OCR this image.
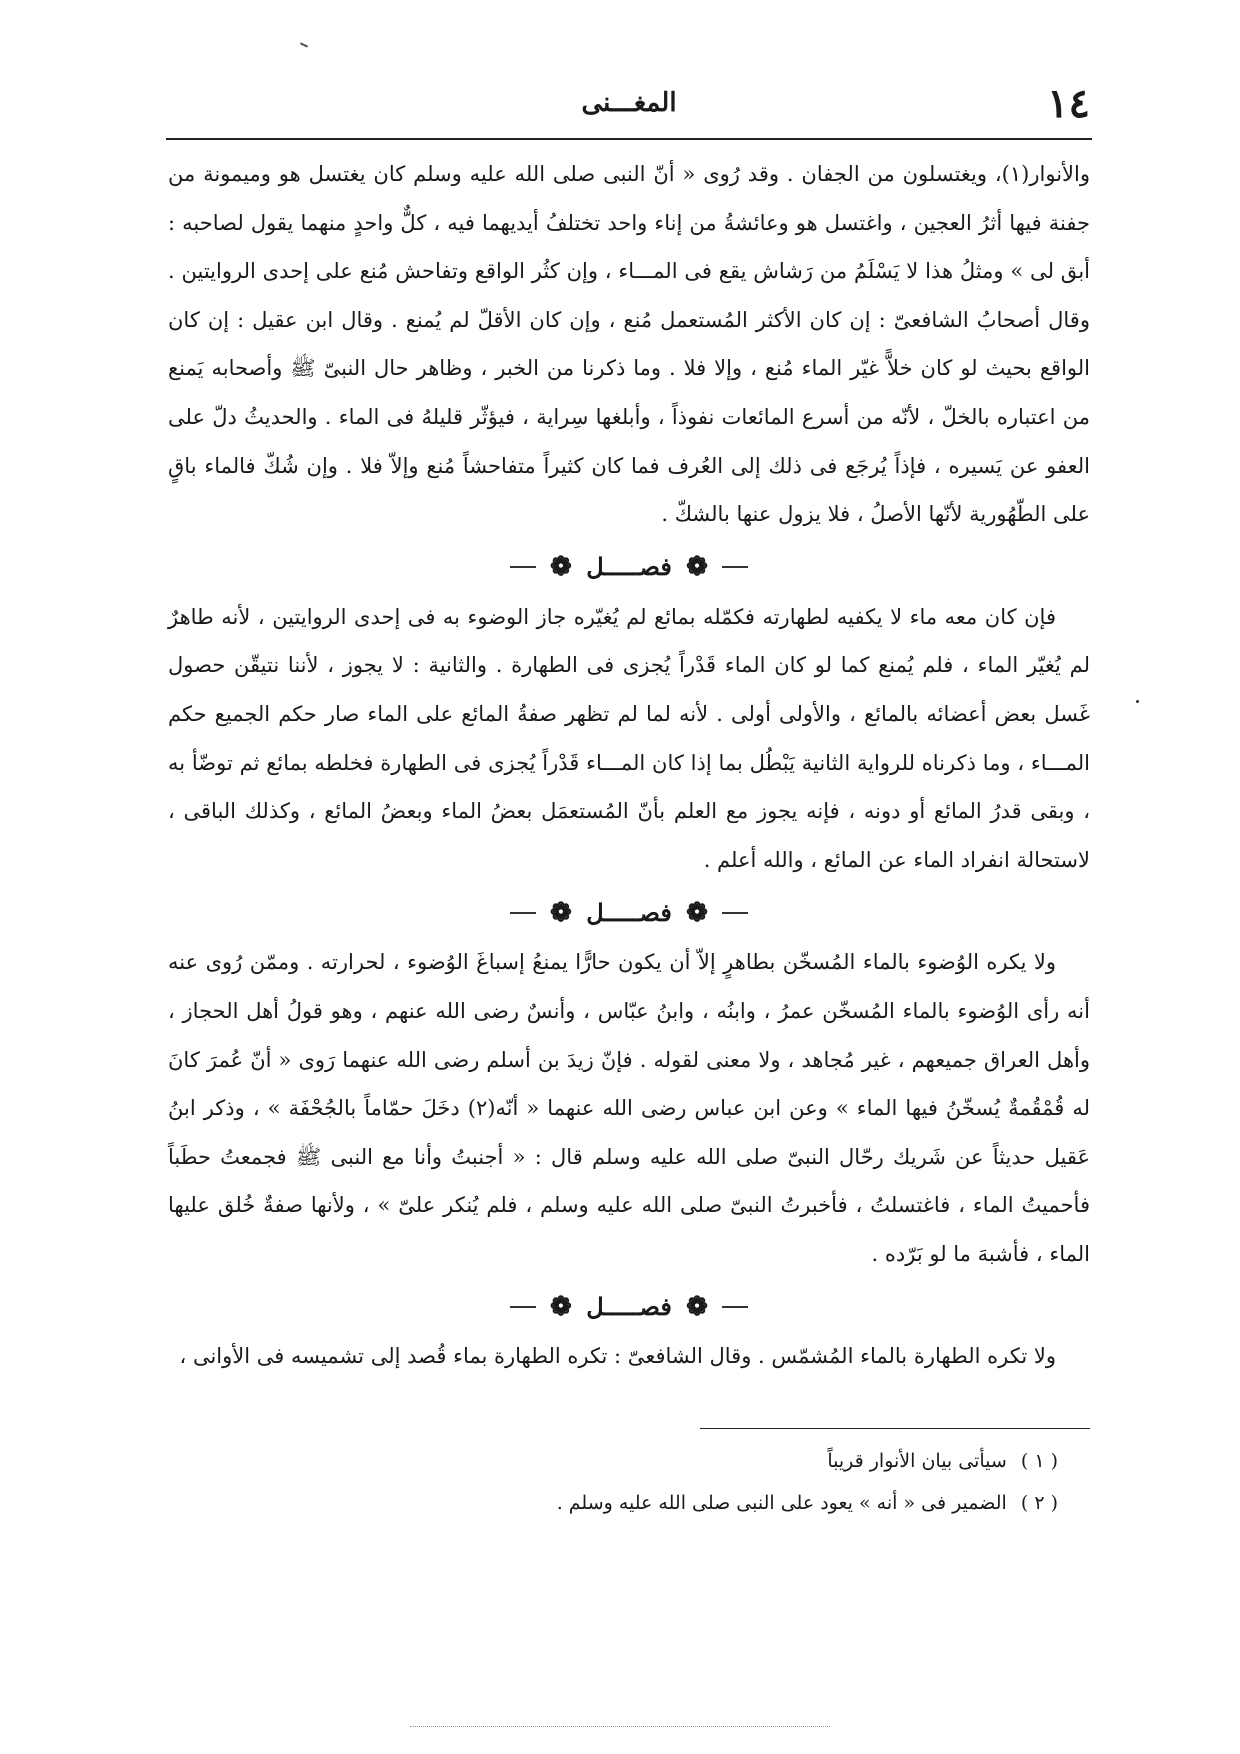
١٤
المغـــنى

والأنوار(١)، ويغتسلون من الجفان . وقد رُوى « أنّ النبى صلى الله عليه وسلم كان يغتسل هو وميمونة من جفنة فيها أثرُ العجين ، واغتسل هو وعائشةُ من إناء واحد تختلفُ أيديهما فيه ، كلٌّ واحدٍ منهما يقول لصاحبه : أبق لى » ومثلُ هذا لا يَسْلَمُ من رَشاش يقع فى المـــاء ، وإن كثُر الواقع وتفاحش مُنع على إحدى الروايتين . وقال أصحابُ الشافعىّ : إن كان الأكثر المُستعمل مُنع ، وإن كان الأقلّ لم يُمنع . وقال ابن عقيل : إن كان الواقع بحيث لو كان خلاًّ غيّر الماء مُنع ، وإلا فلا . وما ذكرنا من الخبر ، وظاهر حال النبىّ ﷺ وأصحابه يَمنع من اعتباره بالخلّ ، لأنّه من أسرع المائعات نفوذاً ، وأبلغها سِراية ، فيؤثّر قليلهُ فى الماء . والحديثُ دلّ على العفو عن يَسيره ، فإذاً يُرجَع فى ذلك إلى العُرف فما كان كثيراً متفاحشاً مُنع وإلاّ فلا . وإن شُكّ فالماء باقٍ على الطّهُورية لأنّها الأصلُ ، فلا يزول عنها بالشكّ .

❁ فصـــــل ❁

فإن كان معه ماء لا يكفيه لطهارته فكمّله بمائع لم يُغيّره جاز الوضوء به فى إحدى الروايتين ، لأنه طاهرٌ لم يُغيّر الماء ، فلم يُمنع كما لو كان الماء قَدْراً يُجزى فى الطهارة . والثانية : لا يجوز ، لأننا نتيقّن حصول غَسل بعض أعضائه بالمائع ، والأولى أولى . لأنه لما لم تظهر صفةُ المائع على الماء صار حكم الجميع حكم المـــاء ، وما ذكرناه للرواية الثانية يَبْطُل بما إذا كان المـــاء قَدْراً يُجزى فى الطهارة فخلطه بمائع ثم توضّأ به ، وبقى قدرُ المائع أو دونه ، فإنه يجوز مع العلم بأنّ المُستعمَل بعضُ الماء وبعضُ المائع ، وكذلك الباقى ، لاستحالة انفراد الماء عن المائع ، والله أعلم .

❁ فصـــــل ❁

ولا يكره الوُضوء بالماء المُسخّن بطاهرٍ إلاّ أن يكون حارًّا يمنعُ إسباغَ الوُضوء ، لحرارته . وممّن رُوى عنه أنه رأى الوُضوء بالماء المُسخّن عمرُ ، وابنُه ، وابنُ عبّاس ، وأنسٌ رضى الله عنهم ، وهو قولُ أهل الحجاز ، وأهل العراق جميعهم ، غير مُجاهد ، ولا معنى لقوله . فإنّ زيدَ بن أسلم رضى الله عنهما رَوى « أنّ عُمرَ كانَ له قُمْقُمةٌ يُسخّنُ فيها الماء » وعن ابن عباس رضى الله عنهما « أنّه(٢) دخَلَ حمّاماً بالجُحْفَة » ، وذكر ابنُ عَقيل حديثاً عن شَريك رحّال النبىّ صلى الله عليه وسلم قال : « أجنبتُ وأنا مع النبى ﷺ فجمعتُ حطَباً فأحميتُ الماء ، فاغتسلتُ ، فأخبرتُ النبىّ صلى الله عليه وسلم ، فلم يُنكر علىّ » ، ولأنها صفةٌ خُلق عليها الماء ، فأشبهَ ما لو بَرّده .

❁ فصـــــل ❁

ولا تكره الطهارة بالماء المُشمّس . وقال الشافعىّ : تكره الطهارة بماء قُصد إلى تشميسه فى الأوانى ،

( ١ ) سيأتى بيان الأنوار قريباً

( ٢ ) الضمير فى « أنه » يعود على النبى صلى الله عليه وسلم .
